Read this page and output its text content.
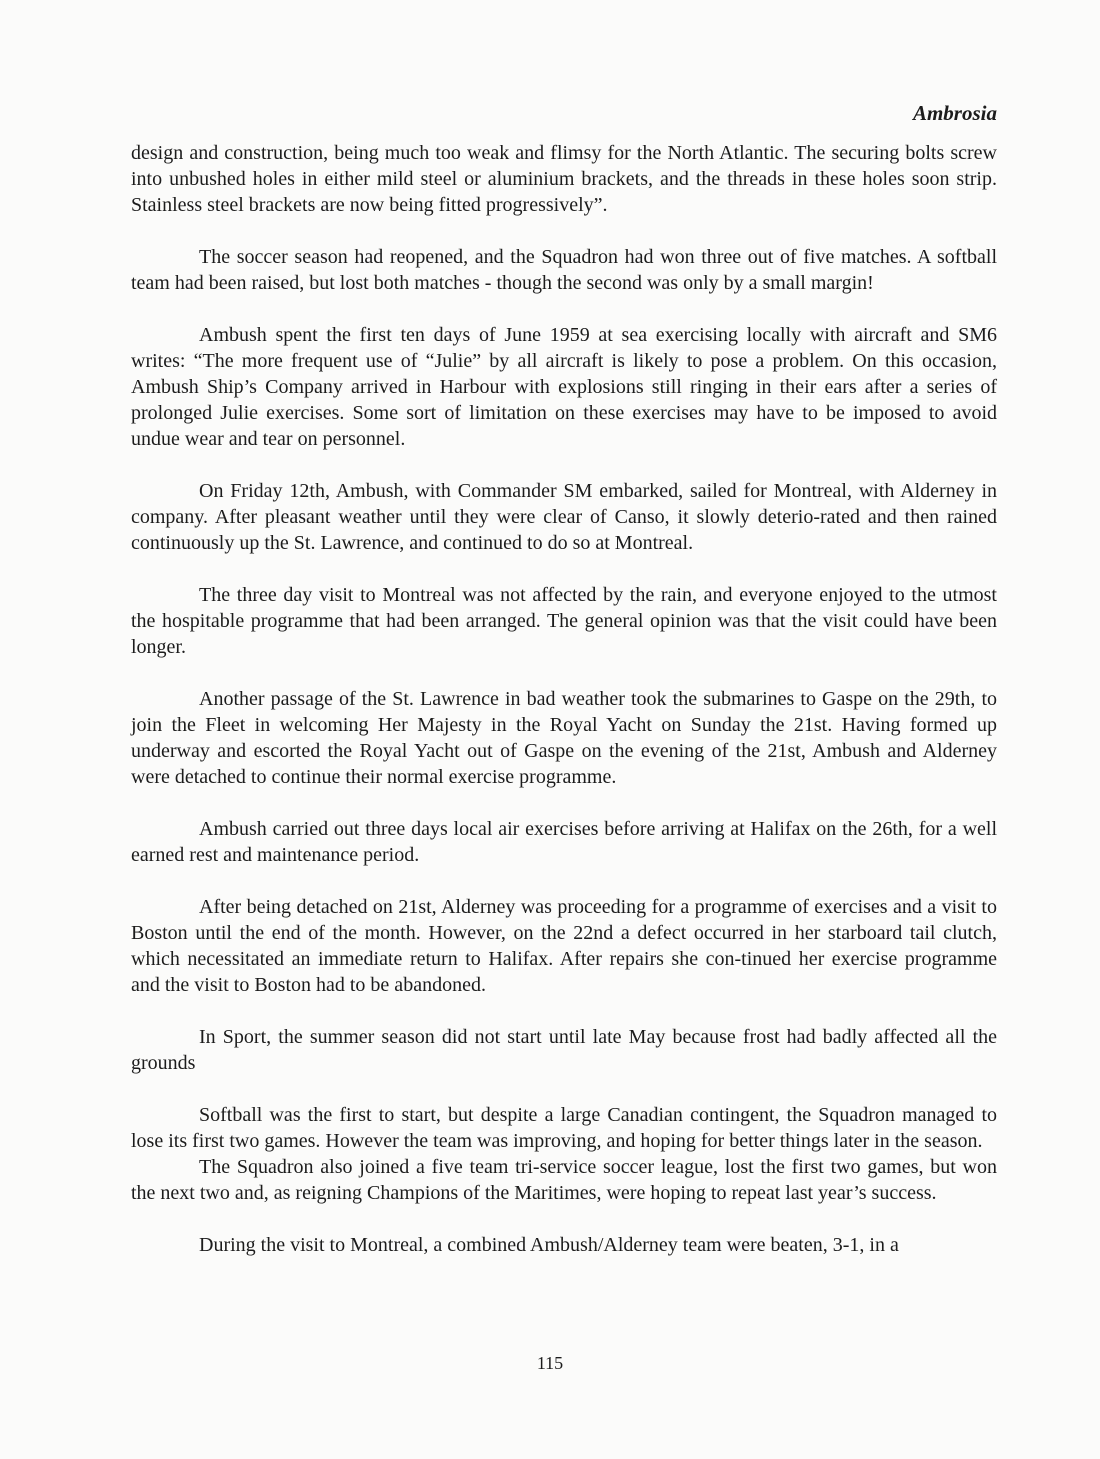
Ambrosia

design and construction, being much too weak and flimsy for the North Atlantic. The securing bolts screw into unbushed holes in either mild steel or aluminium brackets, and the threads in these holes soon strip. Stainless steel brackets are now being fitted progressively”.

The soccer season had reopened, and the Squadron had won three out of five matches. A softball team had been raised, but lost both matches - though the second was only by a small margin!

Ambush spent the first ten days of June 1959 at sea exercising locally with aircraft and SM6 writes: “The more frequent use of “Julie” by all aircraft is likely to pose a problem. On this occasion, Ambush Ship’s Company arrived in Harbour with explosions still ringing in their ears after a series of prolonged Julie exercises. Some sort of limitation on these exercises may have to be imposed to avoid undue wear and tear on personnel.

On Friday 12th, Ambush, with Commander SM embarked, sailed for Montreal, with Alderney in company. After pleasant weather until they were clear of Canso, it slowly deterio-rated and then rained continuously up the St. Lawrence, and continued to do so at Montreal.

The three day visit to Montreal was not affected by the rain, and everyone enjoyed to the utmost the hospitable programme that had been arranged. The general opinion was that the visit could have been longer.

Another passage of the St. Lawrence in bad weather took the submarines to Gaspe on the 29th, to join the Fleet in welcoming Her Majesty in the Royal Yacht on Sunday the 21st. Having formed up underway and escorted the Royal Yacht out of Gaspe on the evening of the 21st, Ambush and Alderney were detached to continue their normal exercise programme.

Ambush carried out three days local air exercises before arriving at Halifax on the 26th, for a well earned rest and maintenance period.

After being detached on 21st, Alderney was proceeding for a programme of exercises and a visit to Boston until the end of the month. However, on the 22nd a defect occurred in her starboard tail clutch, which necessitated an immediate return to Halifax. After repairs she con-tinued her exercise programme and the visit to Boston had to be abandoned.

In Sport, the summer season did not start until late May because frost had badly affected all the grounds

Softball was the first to start, but despite a large Canadian contingent, the Squadron managed to lose its first two games. However the team was improving, and hoping for better things later in the season.

The Squadron also joined a five team tri-service soccer league, lost the first two games, but won the next two and, as reigning Champions of the Maritimes, were hoping to repeat last year’s success.

During the visit to Montreal, a combined Ambush/Alderney team were beaten, 3-1, in a

115
